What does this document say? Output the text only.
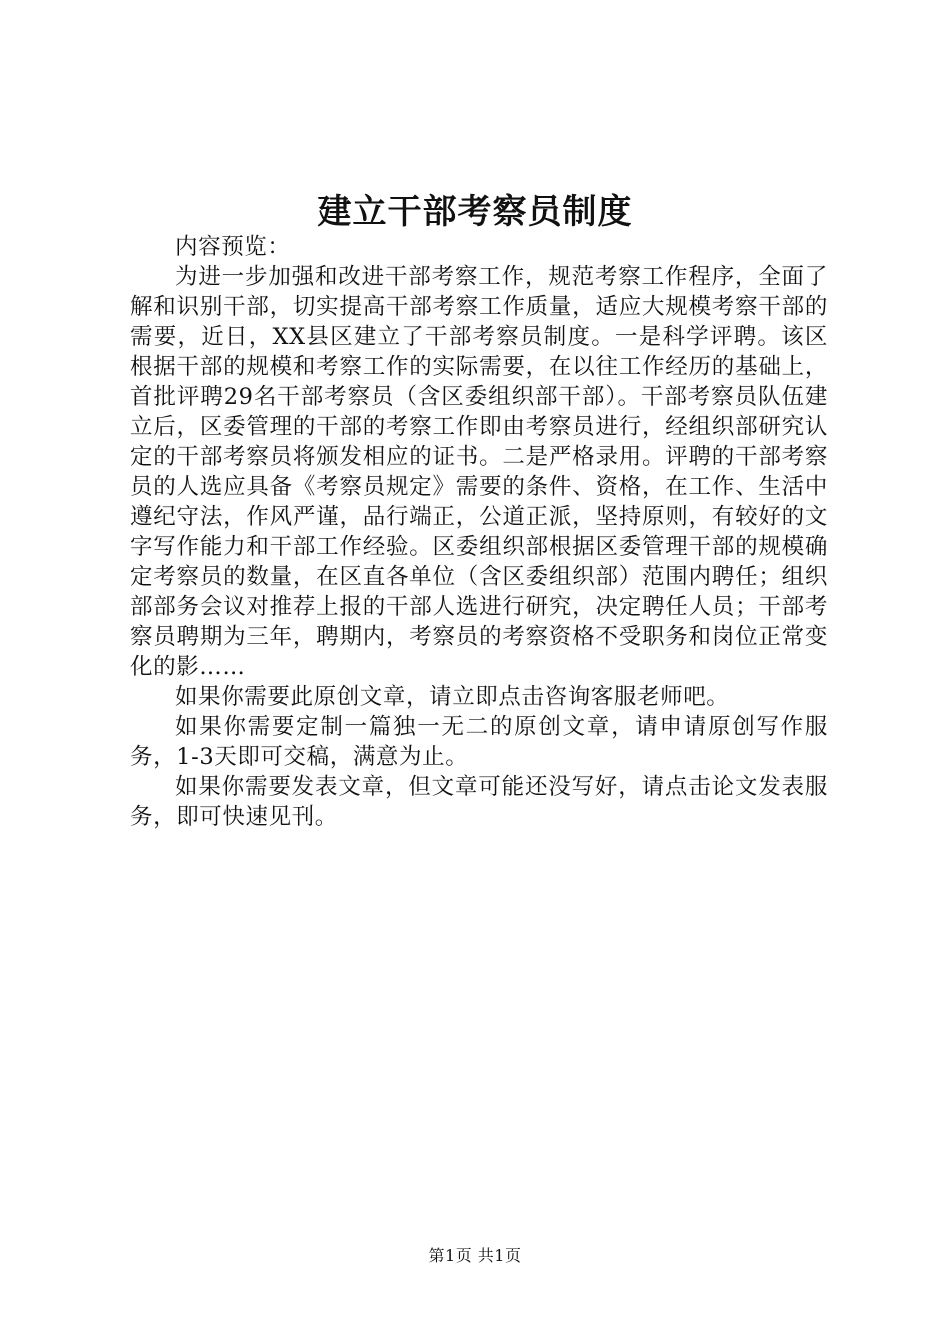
建立干部考察员制度

内容预览：

为进一步加强和改进干部考察工作，规范考察工作程序，全面了解和识别干部，切实提高干部考察工作质量，适应大规模考察干部的需要，近日，XX县区建立了干部考察员制度。一是科学评聘。该区根据干部的规模和考察工作的实际需要，在以往工作经历的基础上，首批评聘29名干部考察员（含区委组织部干部）。干部考察员队伍建立后，区委管理的干部的考察工作即由考察员进行，经组织部研究认定的干部考察员将颁发相应的证书。二是严格录用。评聘的干部考察员的人选应具备《考察员规定》需要的条件、资格，在工作、生活中遵纪守法，作风严谨，品行端正，公道正派，坚持原则，有较好的文字写作能力和干部工作经验。区委组织部根据区委管理干部的规模确定考察员的数量，在区直各单位（含区委组织部）范围内聘任；组织部部务会议对推荐上报的干部人选进行研究，决定聘任人员；干部考察员聘期为三年，聘期内，考察员的考察资格不受职务和岗位正常变化的影……

如果你需要此原创文章，请立即点击咨询客服老师吧。

如果你需要定制一篇独一无二的原创文章，请申请原创写作服务，1-3天即可交稿，满意为止。

如果你需要发表文章，但文章可能还没写好，请点击论文发表服务，即可快速见刊。

第1页 共1页
